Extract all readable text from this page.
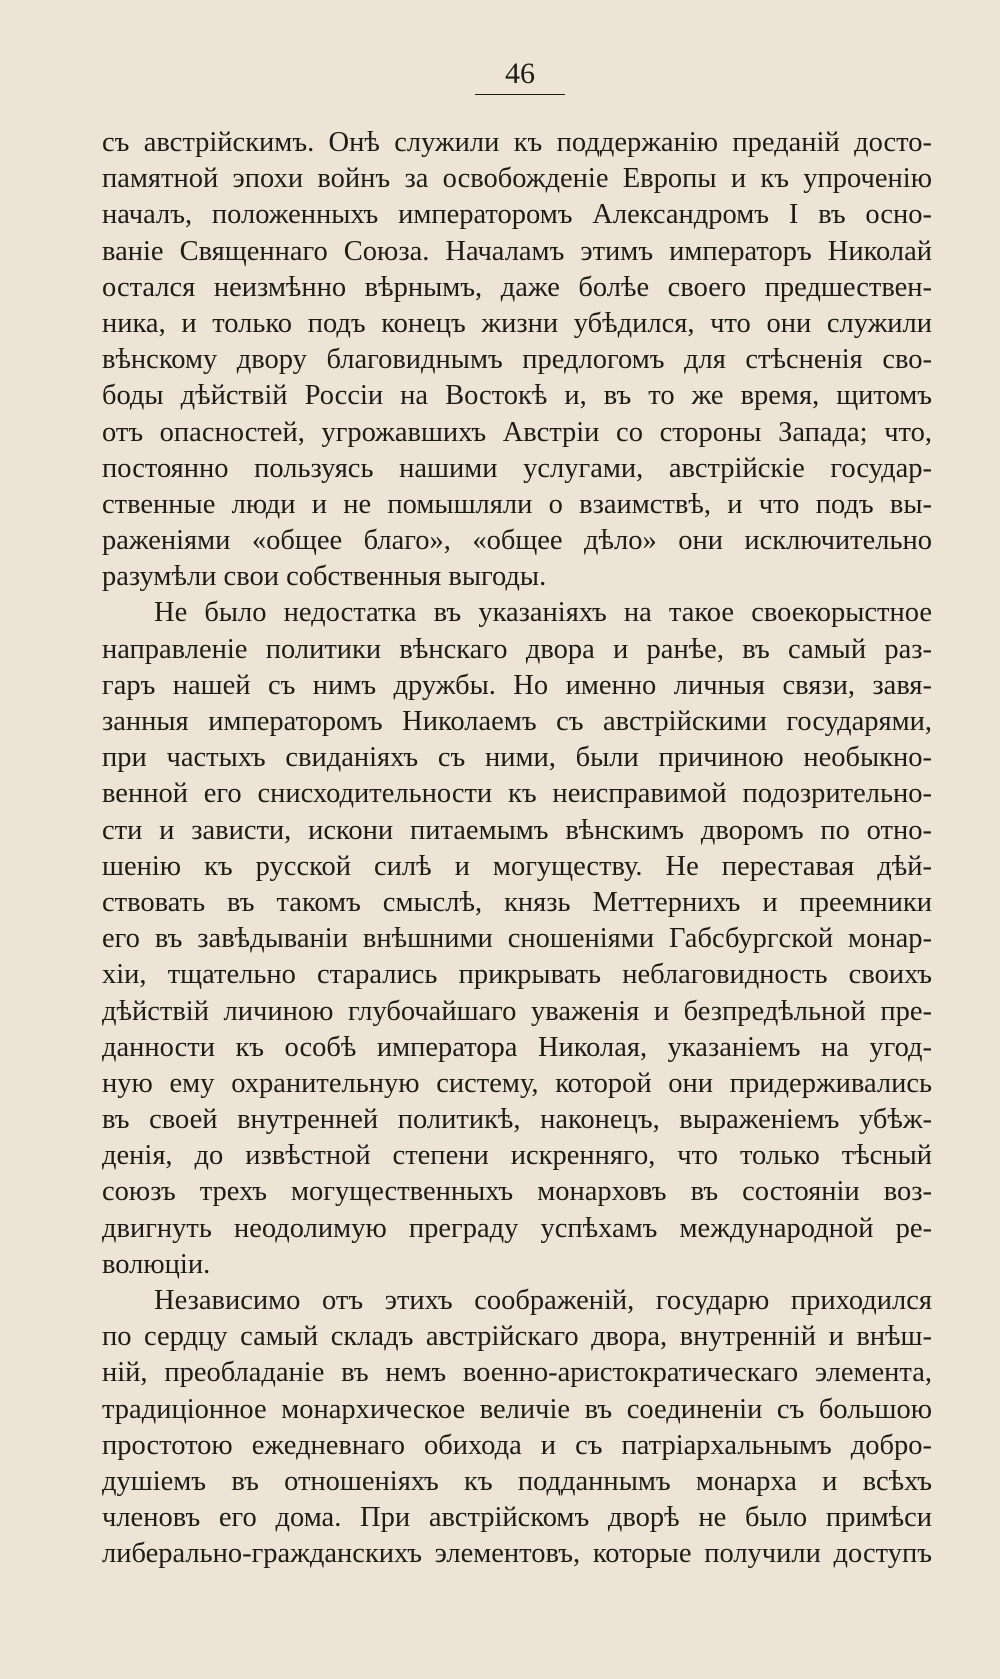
46
съ австрійскимъ. Онѣ служили къ поддержанію преданій досто-
памятной эпохи войнъ за освобожденіе Европы и къ упроченію
началъ, положенныхъ императоромъ Александромъ I въ осно-
ваніе Священнаго Союза. Началамъ этимъ императоръ Николай
остался неизмѣнно вѣрнымъ, даже болѣе своего предшествен-
ника, и только подъ конецъ жизни убѣдился, что они служили
вѣнскому двору благовиднымъ предлогомъ для стѣсненія сво-
боды дѣйствій Россіи на Востокѣ и, въ то же время, щитомъ
отъ опасностей, угрожавшихъ Австріи со стороны Запада; что,
постоянно пользуясь нашими услугами, австрійскіе государ-
ственные люди и не помышляли о взаимствѣ, и что подъ вы-
раженіями «общее благо», «общее дѣло» они исключительно
разумѣли свои собственныя выгоды.
Не было недостатка въ указаніяхъ на такое своекорыстное
направленіе политики вѣнскаго двора и ранѣе, въ самый раз-
гаръ нашей съ нимъ дружбы. Но именно личныя связи, завя-
занныя императоромъ Николаемъ съ австрійскими государями,
при частыхъ свиданіяхъ съ ними, были причиною необыкно-
венной его снисходительности къ неисправимой подозрительно-
сти и зависти, искони питаемымъ вѣнскимъ дворомъ по отно-
шенію къ русской силѣ и могуществу. Не переставая дѣй-
ствовать въ такомъ смыслѣ, князь Меттернихъ и преемники
его въ завѣдываніи внѣшними сношеніями Габсбургской монар-
хіи, тщательно старались прикрывать неблаговидность своихъ
дѣйствій личиною глубочайшаго уваженія и безпредѣльной пре-
данности къ особѣ императора Николая, указаніемъ на угод-
ную ему охранительную систему, которой они придерживались
въ своей внутренней политикѣ, наконецъ, выраженіемъ убѣж-
денія, до извѣстной степени искренняго, что только тѣсный
союзъ трехъ могущественныхъ монарховъ въ состояніи воз-
двигнуть неодолимую преграду успѣхамъ международной ре-
волюціи.
Независимо отъ этихъ соображеній, государю приходился
по сердцу самый складъ австрійскаго двора, внутренній и внѣш-
ній, преобладаніе въ немъ военно-аристократическаго элемента,
традиціонное монархическое величіе въ соединеніи съ большою
простотою ежедневнаго обихода и съ патріархальнымъ добро-
душіемъ въ отношеніяхъ къ подданнымъ монарха и всѣхъ
членовъ его дома. При австрійскомъ дворѣ не было примѣси
либерально-гражданскихъ элементовъ, которые получили доступъ
